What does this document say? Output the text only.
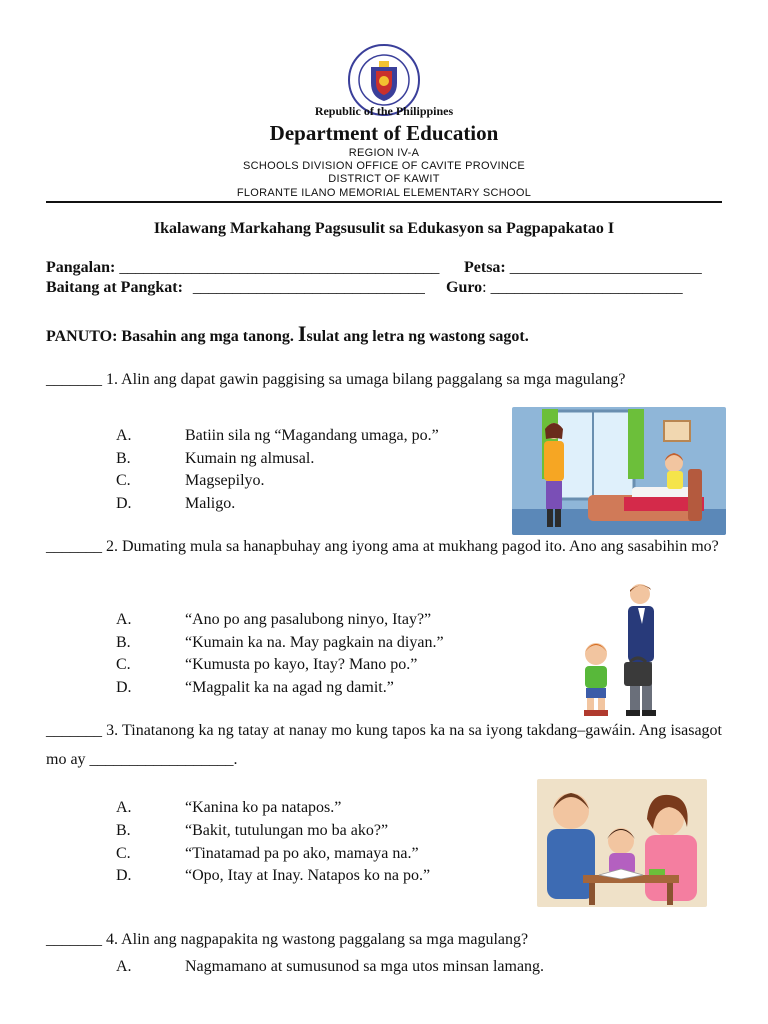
Republic of the Philippines
Department of Education
REGION IV-A
SCHOOLS DIVISION OFFICE OF CAVITE PROVINCE
DISTRICT OF KAWIT
FLORANTE ILANO MEMORIAL ELEMENTARY SCHOOL
Ikalawang Markahang Pagsusulit sa Edukasyon sa Pagpapakatao I
Pangalan: ________________________________________ Petsa: ________________________
Baitang at Pangkat: _____________________________ Guro: ________________________
PANUTO: Basahin ang mga tanong. Isulat ang letra ng wastong sagot.
_______ 1. Alin ang dapat gawin paggising sa umaga bilang paggalang sa mga magulang?
A.	Batiin sila ng “Magandang umaga, po.”
B.	Kumain ng almusal.
C.	Magsepilyo.
D.	Maligo.
_______ 2. Dumating mula sa hanapbuhay ang iyong ama at mukhang pagod ito. Ano ang sasabihin mo?
A.	“Ano po ang pasalubong ninyo, Itay?”
B.	“Kumain ka na. May pagkain na diyan.”
C.	“Kumusta po kayo, Itay? Mano po.”
D.	“Magpalit ka na agad ng damit.”
_______ 3. Tinatanong ka ng tatay at nanay mo kung tapos ka na sa iyong takdang–gawáin. Ang isasagot mo ay __________________.
A.	“Kanina ko pa natapos.”
B.	“Bakit, tutulungan mo ba ako?”
C.	“Tinatamad pa po ako, mamaya na.”
D.	“Opo, Itay at Inay. Natapos ko na po.”
_______ 4. Alin ang nagpapakita ng wastong paggalang sa mga magulang?
A.	Nagmamano at sumusunod sa mga utos minsan lamang.
